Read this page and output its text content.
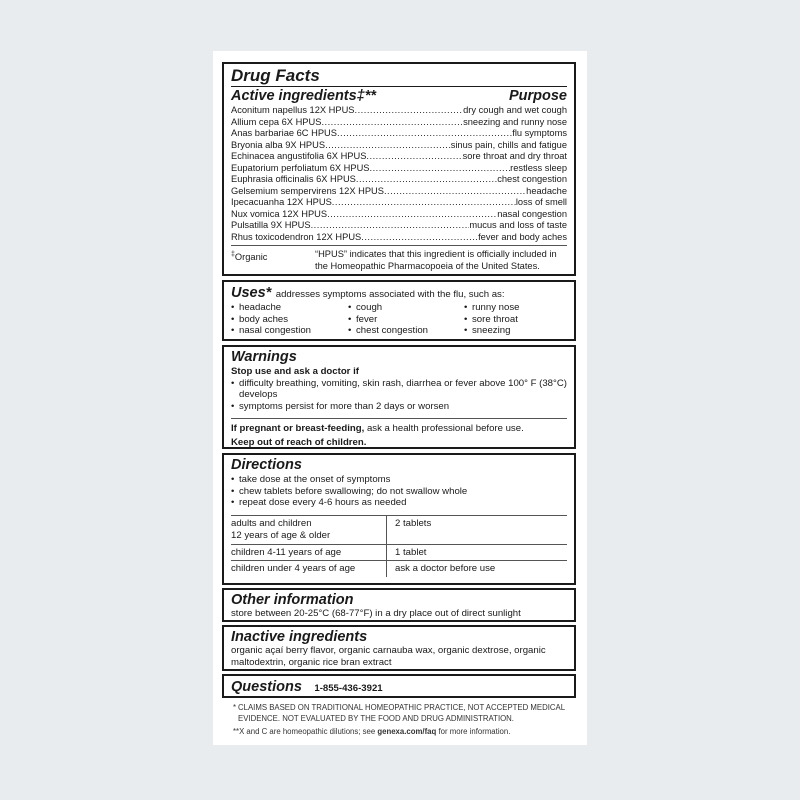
Drug Facts
Active ingredients‡**	Purpose
Aconitum napellus 12X HPUS .....	dry cough and wet cough
Allium cepa 6X HPUS .....	sneezing and runny nose
Anas barbariae 6C HPUS .....	flu symptoms
Bryonia alba 9X HPUS .....	sinus pain, chills and fatigue
Echinacea angustifolia 6X HPUS .....	sore throat and dry throat
Eupatorium perfoliatum 6X HPUS .....	restless sleep
Euphrasia officinalis 6X HPUS .....	chest congestion
Gelsemium sempervirens 12X HPUS .....	headache
Ipecacuanha 12X HPUS .....	loss of smell
Nux vomica 12X HPUS .....	nasal congestion
Pulsatilla 9X HPUS .....	mucus and loss of taste
Rhus toxicodendron 12X HPUS .....	fever and body aches
‡Organic	“HPUS” indicates that this ingredient is officially included in the Homeopathic Pharmacopoeia of the United States.
Uses* addresses symptoms associated with the flu, such as:
• headache
• body aches
• nasal congestion
• cough
• fever
• chest congestion
• runny nose
• sore throat
• sneezing
Warnings
Stop use and ask a doctor if
• difficulty breathing, vomiting, skin rash, diarrhea or fever above 100° F (38°C) develops
• symptoms persist for more than 2 days or worsen
If pregnant or breast-feeding, ask a health professional before use.
Keep out of reach of children.
Directions
• take dose at the onset of symptoms
• chew tablets before swallowing; do not swallow whole
• repeat dose every 4-6 hours as needed
adults and children
12 years of age & older	2 tablets
children 4-11 years of age	1 tablet
children under 4 years of age	ask a doctor before use
Other information
store between 20-25°C (68-77°F) in a dry place out of direct sunlight
Inactive ingredients
organic açaí berry flavor, organic carnauba wax, organic dextrose, organic maltodextrin, organic rice bran extract
Questions 1-855-436-3921
* CLAIMS BASED ON TRADITIONAL HOMEOPATHIC PRACTICE, NOT ACCEPTED MEDICAL EVIDENCE. NOT EVALUATED BY THE FOOD AND DRUG ADMINISTRATION.
**X and C are homeopathic dilutions; see genexa.com/faq for more information.
